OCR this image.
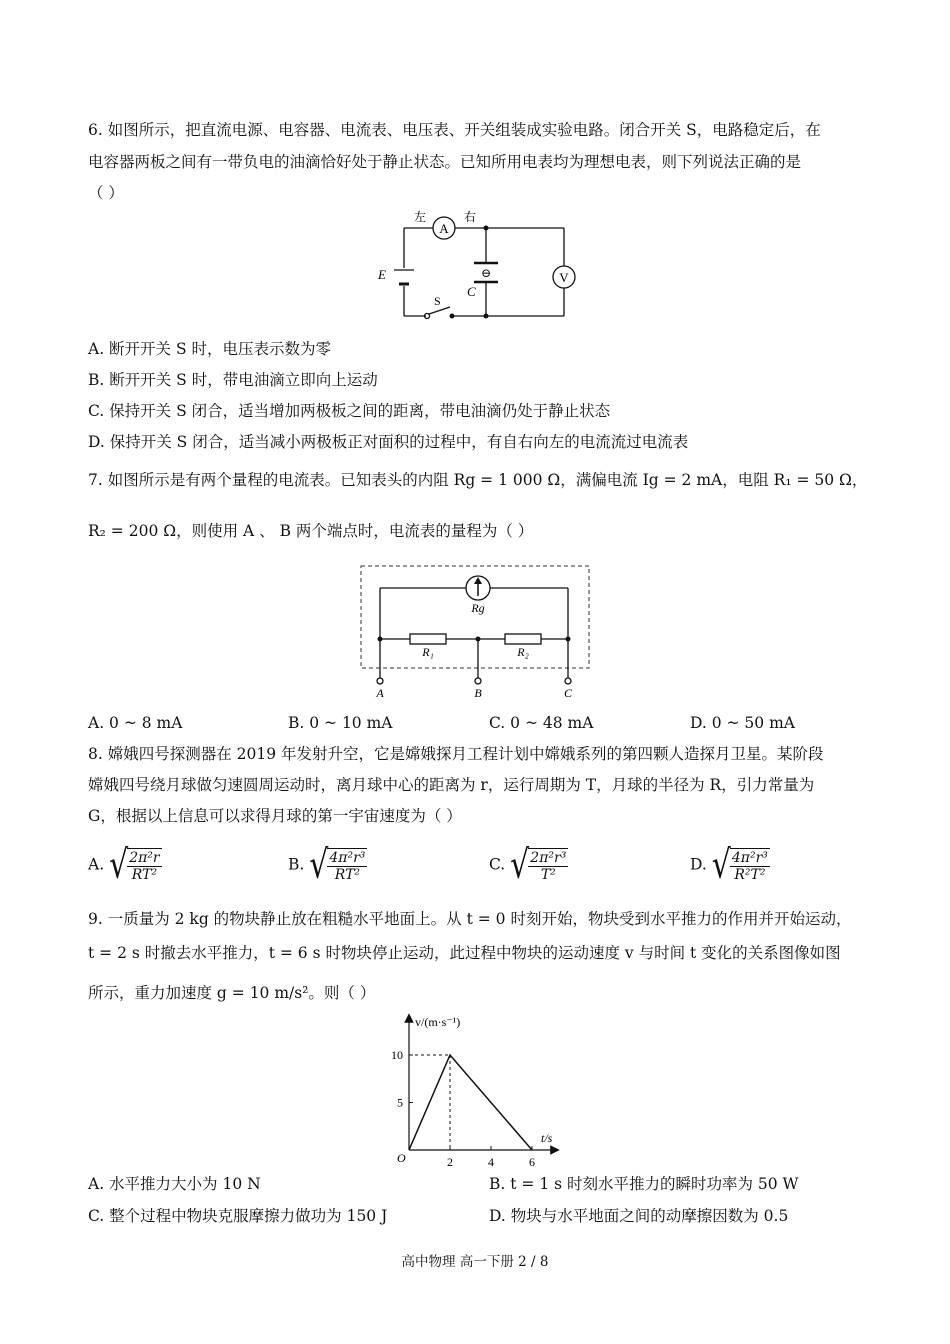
6. 如图所示，把直流电源、电容器、电流表、电压表、开关组装成实验电路。闭合开关 S，电路稳定后，在
电容器两板之间有一带负电的油滴恰好处于静止状态。已知所用电表均为理想电表，则下列说法正确的是
（ ）
A
V
左	右
E
C
S
⊖
A. 断开开关 S 时，电压表示数为零
B. 断开开关 S 时，带电油滴立即向上运动
C. 保持开关 S 闭合，适当增加两极板之间的距离，带电油滴仍处于静止状态
D. 保持开关 S 闭合，适当减小两极板正对面积的过程中，有自右向左的电流流过电流表
7. 如图所示是有两个量程的电流表。已知表头的内阻 Rg = 1 000 Ω，满偏电流 Ig = 2 mA，电阻 R₁ = 50 Ω，
R₂ = 200 Ω，则使用 A 、 B 两个端点时，电流表的量程为（ ）
Rg
R₁	R₂
A	B	C
A. 0 ~ 8 mA	B. 0 ~ 10 mA	C. 0 ~ 48 mA	D. 0 ~ 50 mA
8. 嫦娥四号探测器在 2019 年发射升空，它是嫦娥探月工程计划中嫦娥系列的第四颗人造探月卫星。某阶段
嫦娥四号绕月球做匀速圆周运动时，离月球中心的距离为 r，运行周期为 T，月球的半径为 R，引力常量为
G，根据以上信息可以求得月球的第一宇宙速度为（ ）
A. √ $\frac{\text{2π²r}}{\text{RT²}}$	B. √ $\frac{\text{4π²r³}}{\text{RT²}}$	C. √ $\frac{\text{2π²r³}}{\text{T²}}$	D. √ $\frac{\text{4π²r³}}{\text{R²T²}}$
9. 一质量为 2 kg 的物块静止放在粗糙水平地面上。从 t = 0 时刻开始，物块受到水平推力的作用并开始运动，
t = 2 s 时撤去水平推力，t = 6 s 时物块停止运动，此过程中物块的运动速度 v 与时间 t 变化的关系图像如图
所示，重力加速度 g = 10 m/s²。则（ ）
v/(m·s⁻¹)
t/s
O
10
5
2	4	6
A. 水平推力大小为 10 N	B. t = 1 s 时刻水平推力的瞬时功率为 50 W
C. 整个过程中物块克服摩擦力做功为 150 J	D. 物块与水平地面之间的动摩擦因数为 0.5
高中物理 高一下册 2 / 8
